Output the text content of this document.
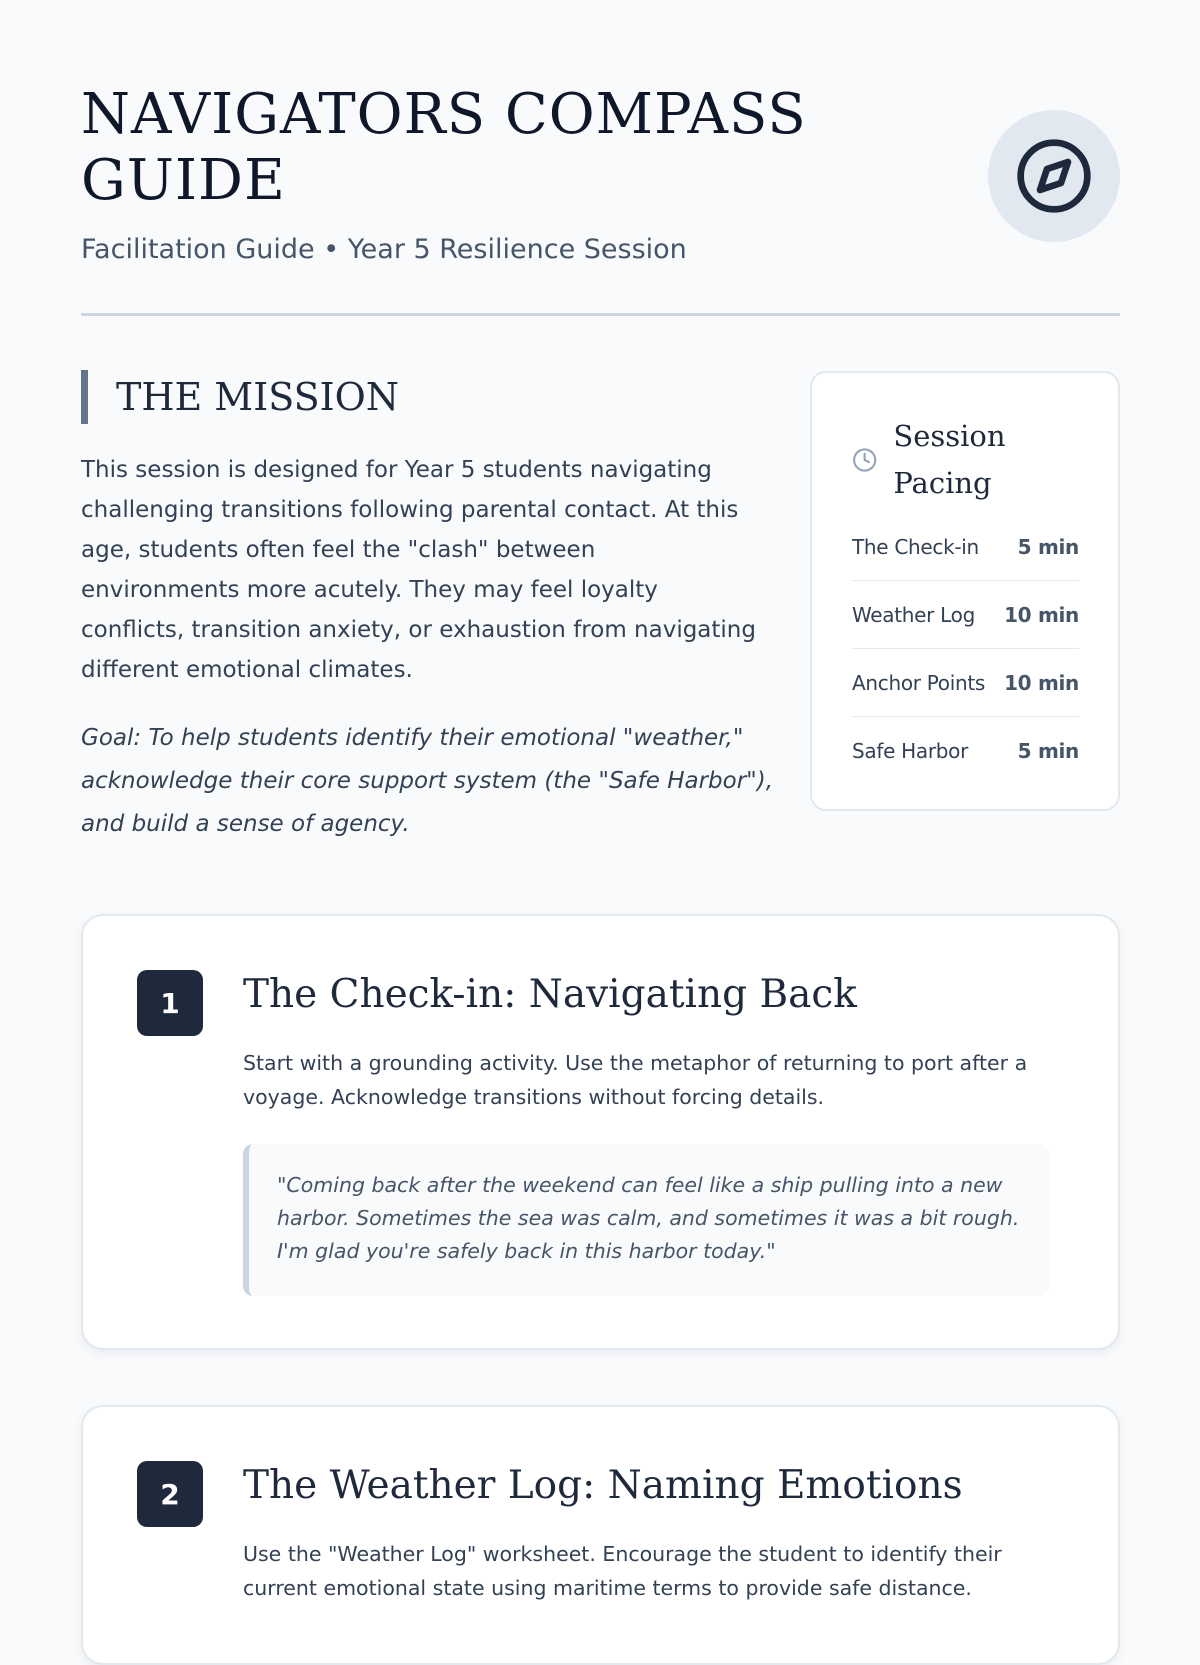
NAVIGATORS COMPASS GUIDE

Facilitation Guide • Year 5 Resilience Session

THE MISSION

This session is designed for Year 5 students navigating challenging transitions following parental contact. At this age, students often feel the "clash" between environments more acutely. They may feel loyalty conflicts, transition anxiety, or exhaustion from navigating different emotional climates.

Goal: To help students identify their emotional "weather," acknowledge their core support system (the "Safe Harbor"), and build a sense of agency.

Session Pacing
The Check-in 5 min
Weather Log 10 min
Anchor Points 10 min
Safe Harbor 5 min
1	The Check-in: Navigating Back

Start with a grounding activity. Use the metaphor of returning to port after a voyage. Acknowledge transitions without forcing details.

"Coming back after the weekend can feel like a ship pulling into a new harbor. Sometimes the sea was calm, and sometimes it was a bit rough. I'm glad you're safely back in this harbor today."

2	The Weather Log: Naming Emotions

Use the "Weather Log" worksheet. Encourage the student to identify their current emotional state using maritime terms to provide safe distance.
